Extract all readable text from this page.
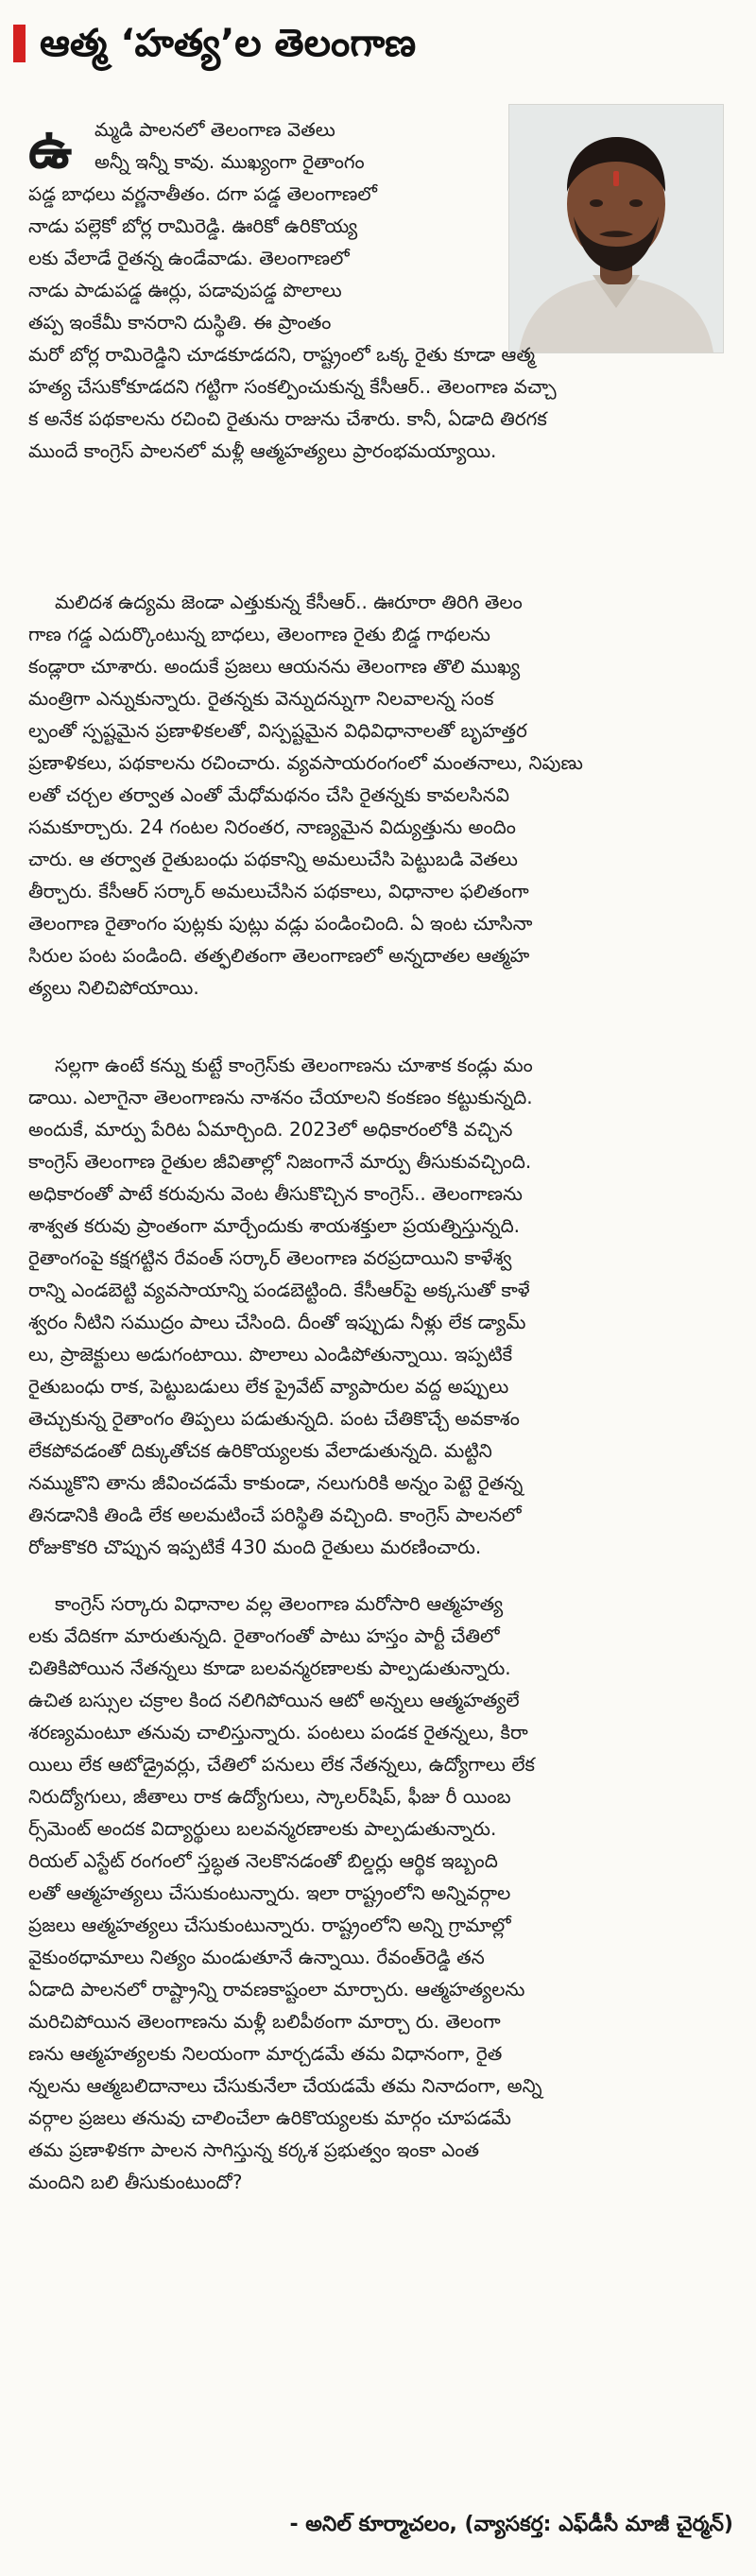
ఆత్మ ‘హత్య’ల తెలంగాణ
ఉ	మ్మడి పాలనలో తెలంగాణ వెతలు
అన్నీ ఇన్నీ కావు. ముఖ్యంగా రైతాంగం
పడ్డ బాధలు వర్ణనాతీతం. దగా పడ్డ తెలంగాణలో
నాడు పల్లెకో బోర్ల రామిరెడ్డి. ఊరికో ఉరికొయ్య
లకు వేలాడే రైతన్న ఉండేవాడు. తెలంగాణలో
నాడు పాడుపడ్డ ఊర్లు, పడావుపడ్డ పొలాలు
తప్ప ఇంకేమీ కానరాని దుస్థితి. ఈ ప్రాంతం
మరో బోర్ల రామిరెడ్డిని చూడకూడదని, రాష్ట్రంలో ఒక్క రైతు కూడా ఆత్మ
హత్య చేసుకోకూడదని గట్టిగా సంకల్పించుకున్న కేసీఆర్.. తెలంగాణ వచ్చా
క అనేక పథకాలను రచించి రైతును రాజును చేశారు. కానీ, ఏడాది తిరగక
ముందే కాంగ్రెస్ పాలనలో మళ్లీ ఆత్మహత్యలు ప్రారంభమయ్యాయి.
మలిదశ ఉద్యమ జెండా ఎత్తుకున్న కేసీఆర్.. ఊరూరా తిరిగి తెలం
గాణ గడ్డ ఎదుర్కొంటున్న బాధలు, తెలంగాణ రైతు బిడ్డ గాథలను
కండ్లారా చూశారు. అందుకే ప్రజలు ఆయనను తెలంగాణ తొలి ముఖ్య
మంత్రిగా ఎన్నుకున్నారు. రైతన్నకు వెన్నుదన్నుగా నిలవాలన్న సంక
ల్పంతో స్పష్టమైన ప్రణాళికలతో, విస్పష్టమైన విధివిధానాలతో బృహత్తర
ప్రణాళికలు, పథకాలను రచించారు. వ్యవసాయరంగంలో మంతనాలు, నిపుణు
లతో చర్చల తర్వాత ఎంతో మేధోమథనం చేసి రైతన్నకు కావలసినవి
సమకూర్చారు. 24 గంటల నిరంతర, నాణ్యమైన విద్యుత్తును అందిం
చారు. ఆ తర్వాత రైతుబంధు పథకాన్ని అమలుచేసి పెట్టుబడి వెతలు
తీర్చారు. కేసీఆర్ సర్కార్ అమలుచేసిన పథకాలు, విధానాల ఫలితంగా
తెలంగాణ రైతాంగం పుట్లకు పుట్లు వడ్లు పండించింది. ఏ ఇంట చూసినా
సిరుల పంట పండింది. తత్ఫలితంగా తెలంగాణలో అన్నదాతల ఆత్మహ
త్యలు నిలిచిపోయాయి.
సల్లగా ఉంటే కన్ను కుట్టే కాంగ్రెస్‌కు తెలంగాణను చూశాక కండ్లు మం
డాయి. ఎలాగైనా తెలంగాణను నాశనం చేయాలని కంకణం కట్టుకున్నది.
అందుకే, మార్పు పేరిట ఏమార్చింది. 2023లో అధికారంలోకి వచ్చిన
కాంగ్రెస్ తెలంగాణ రైతుల జీవితాల్లో నిజంగానే మార్పు తీసుకువచ్చింది.
అధికారంతో పాటే కరువును వెంట తీసుకొచ్చిన కాంగ్రెస్.. తెలంగాణను
శాశ్వత కరువు ప్రాంతంగా మార్చేందుకు శాయశక్తులా ప్రయత్నిస్తున్నది.
రైతాంగంపై కక్షగట్టిన రేవంత్ సర్కార్ తెలంగాణ వరప్రదాయిని కాళేశ్వ
రాన్ని ఎండబెట్టి వ్యవసాయాన్ని పండబెట్టింది. కేసీఆర్‌పై అక్కసుతో కాళే
శ్వరం నీటిని సముద్రం పాలు చేసింది. దీంతో ఇప్పుడు నీళ్లు లేక డ్యామ్
లు, ప్రాజెక్టులు అడుగంటాయి. పొలాలు ఎండిపోతున్నాయి. ఇప్పటికే
రైతుబంధు రాక, పెట్టుబడులు లేక ప్రైవేట్ వ్యాపారుల వద్ద అప్పులు
తెచ్చుకున్న రైతాంగం తిప్పలు పడుతున్నది. పంట చేతికొచ్చే అవకాశం
లేకపోవడంతో దిక్కుతోచక ఉరికొయ్యలకు వేలాడుతున్నది. మట్టిని
నమ్ముకొని తాను జీవించడమే కాకుండా, నలుగురికి అన్నం పెట్టె రైతన్న
తినడానికి తిండి లేక అలమటించే పరిస్థితి వచ్చింది. కాంగ్రెస్ పాలనలో
రోజుకొకరి చొప్పున ఇప్పటికే 430 మంది రైతులు మరణించారు.
కాంగ్రెస్ సర్కారు విధానాల వల్ల తెలంగాణ మరోసారి ఆత్మహత్య
లకు వేదికగా మారుతున్నది. రైతాంగంతో పాటు హస్తం పార్టీ చేతిలో
చితికిపోయిన నేతన్నలు కూడా బలవన్మరణాలకు పాల్పడుతున్నారు.
ఉచిత బస్సుల చక్రాల కింద నలిగిపోయిన ఆటో అన్నలు ఆత్మహత్యలే
శరణ్యమంటూ తనువు చాలిస్తున్నారు. పంటలు పండక రైతన్నలు, కిరా
యిలు లేక ఆటోడ్రైవర్లు, చేతిలో పనులు లేక నేతన్నలు, ఉద్యోగాలు లేక
నిరుద్యోగులు, జీతాలు రాక ఉద్యోగులు, స్కాలర్‌షిప్, ఫీజు రీ యింబ
ర్స్‌మెంట్ అందక విద్యార్థులు బలవన్మరణాలకు పాల్పడుతున్నారు.
రియల్ ఎస్టేట్ రంగంలో స్తబ్ధత నెలకొనడంతో బిల్డర్లు ఆర్థిక ఇబ్బంది
లతో ఆత్మహత్యలు చేసుకుంటున్నారు. ఇలా రాష్ట్రంలోని అన్నివర్గాల
ప్రజలు ఆత్మహత్యలు చేసుకుంటున్నారు. రాష్ట్రంలోని అన్ని గ్రామాల్లో
వైకుంఠధామాలు నిత్యం మండుతూనే ఉన్నాయి. రేవంత్‌రెడ్డి తన
ఏడాది పాలనలో రాష్ట్రాన్ని రావణకాష్టంలా మార్చారు. ఆత్మహత్యలను
మరిచిపోయిన తెలంగాణను మళ్లీ బలిపీఠంగా మార్చా రు. తెలంగా
ణను ఆత్మహత్యలకు నిలయంగా మార్చడమే తమ విధానంగా, రైత
న్నలను ఆత్మబలిదానాలు చేసుకునేలా చేయడమే తమ నినాదంగా, అన్ని
వర్గాల ప్రజలు తనువు చాలించేలా ఉరికొయ్యలకు మార్గం చూపడమే
తమ ప్రణాళికగా పాలన సాగిస్తున్న కర్కశ ప్రభుత్వం ఇంకా ఎంత
మందిని బలి తీసుకుంటుందో?
- అనిల్ కూర్మాచలం, (వ్యాసకర్త: ఎఫ్‌డీసీ మాజీ చైర్మన్)
